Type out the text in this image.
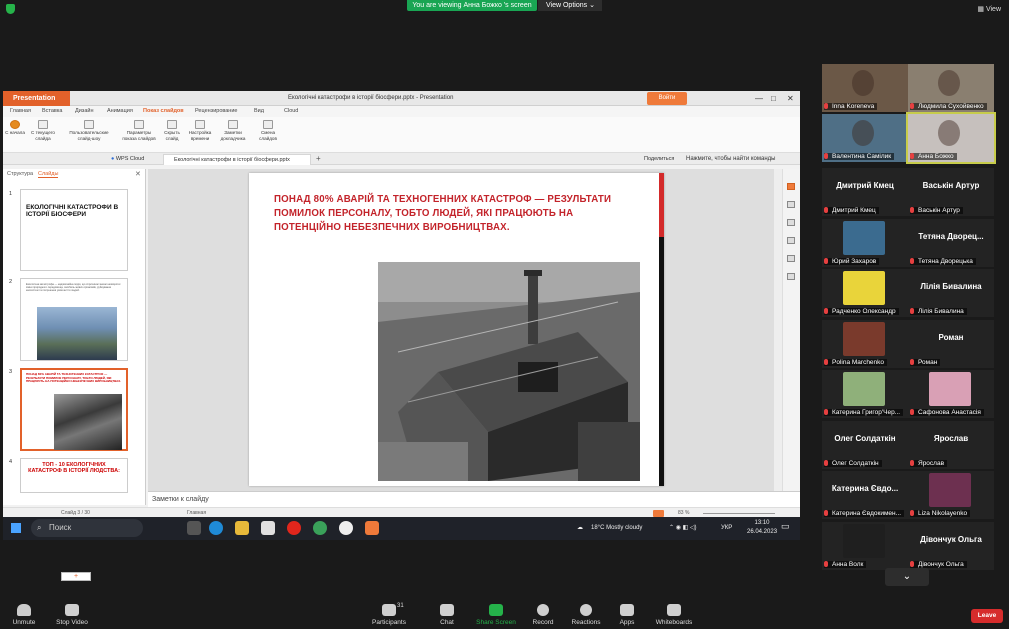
You are viewing Анна Божко 's screen	View Options ⌄
▦ View
Presentation	Екологічні катастрофи в історії біосфери.pptx - Presentation	Войти	— □ ✕
Главная Вставка Дизайн Анимация Показ слайдов Рецензирование	Вид	Cloud
С начала	С текущего слайда
Пользовательские слайд-шоу
Параметры показа слайдов
Скрыть слайд
Настройка времени
Заметки докладчика
Смена слайдов
● WPS Cloud	Екологічні катастрофи в історії біосфери.pptx	+	Поделиться Нажмите, чтобы найти команды
Структура Слайды	✕
1
ЕКОЛОГІЧНІ КАТАСТРОФИ В ІСТОРІЇ БІОСФЕРИ
2	Екологічна катастрофа — надзвичайна подія, що спричиняє значні незворотні зміни природного середовища, загибель живих організмів, руйнування екосистем та погіршення умов життя людей.
3	ПОНАД 80% АВАРІЙ ТА ТЕХНОГЕННИХ КАТАСТРОФ — РЕЗУЛЬТАТИ ПОМИЛОК ПЕРСОНАЛУ, ТОБТО ЛЮДЕЙ, ЯКІ ПРАЦЮЮТЬ НА ПОТЕНЦІЙНО НЕБЕЗПЕЧНИХ ВИРОБНИЦТВАХ.
4	ТОП - 10 ЕКОЛОГІЧНИХ КАТАСТРОФ В ІСТОРІЇ ЛЮДСТВА:
+
ПОНАД 80% АВАРІЙ ТА ТЕХНОГЕННИХ КАТАСТРОФ — РЕЗУЛЬТАТИ ПОМИЛОК ПЕРСОНАЛУ, ТОБТО ЛЮДЕЙ, ЯКІ ПРАЦЮЮТЬ НА ПОТЕНЦІЙНО НЕБЕЗПЕЧНИХ ВИРОБНИЦТВАХ.
Заметки к слайду
Слайд 3 / 30	Главная	83 %
⌕ Поиск	☁ 18°C Mostly cloudy	⌃ ◉ ◧ ◁)	УКР
13:10
26.04.2023
▭
Inna Koreneva	Людмила Сухойвенко
Валентина Самілик	Анна Божко
Дмитрий Кмец
Дмитрий Кмец
Васькін Артур
Васькін Артур
Юрий Захаров
Тетяна Дворец...
Тетяна Дворецька
Радченко Олександр
Лілія Бивалина
Лілія Бивалина
Polina Marchenko
Роман
Роман
Катерина Григор'Чер...	Сафонова Анастасія
Олег Солдаткін
Олег Солдаткін
Ярослав
Ярослав
Катерина Євдо...
Катерина Євдокимен...	Liza Nikolayenko
Анна Волк
Дівончук Ольга
Дівончук Ольга
⌄
Unmute	Stop Video	Participants
31
Chat	Share Screen	Record	Reactions	Apps	Whiteboards
Leave
